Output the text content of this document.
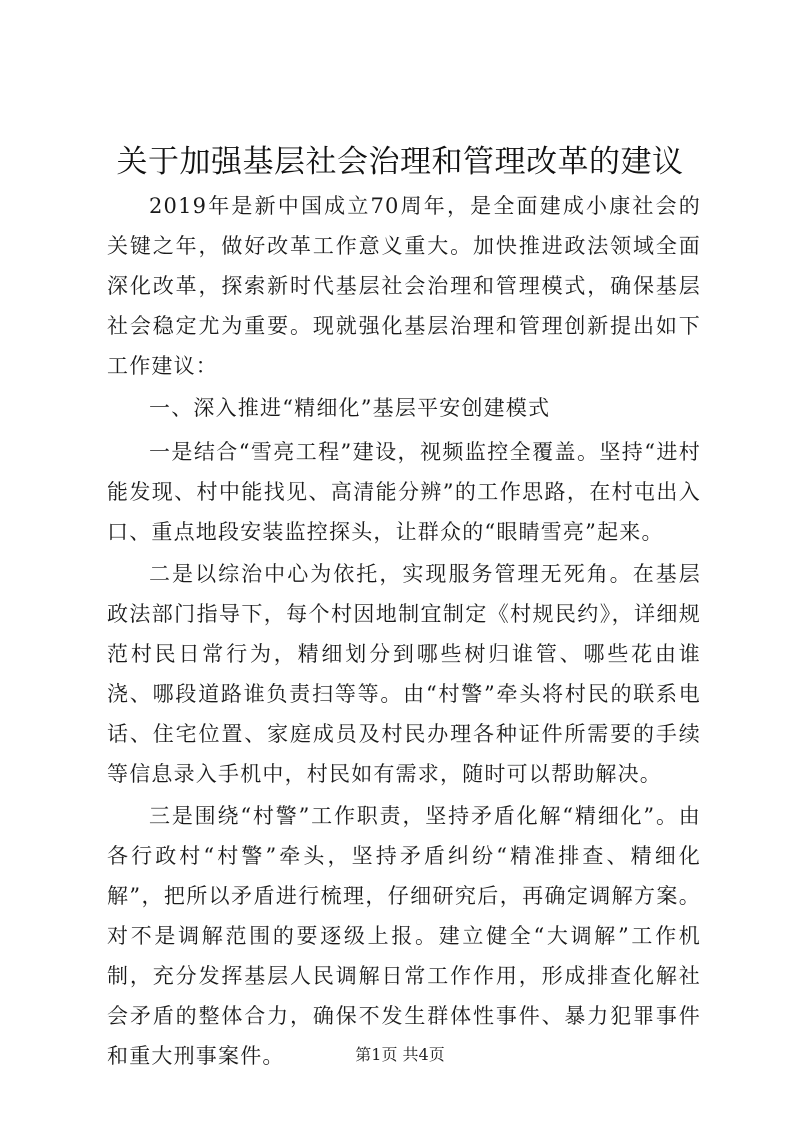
关于加强基层社会治理和管理改革的建议

2019年是新中国成立70周年，是全面建成小康社会的关键之年，做好改革工作意义重大。加快推进政法领域全面深化改革，探索新时代基层社会治理和管理模式，确保基层社会稳定尤为重要。现就强化基层治理和管理创新提出如下工作建议：

一、深入推进“精细化”基层平安创建模式

一是结合“雪亮工程”建设，视频监控全覆盖。坚持“进村能发现、村中能找见、高清能分辨”的工作思路，在村屯出入口、重点地段安装监控探头，让群众的“眼睛雪亮”起来。

二是以综治中心为依托，实现服务管理无死角。在基层政法部门指导下，每个村因地制宜制定《村规民约》，详细规范村民日常行为，精细划分到哪些树归谁管、哪些花由谁浇、哪段道路谁负责扫等等。由“村警”牵头将村民的联系电话、住宅位置、家庭成员及村民办理各种证件所需要的手续等信息录入手机中，村民如有需求，随时可以帮助解决。

三是围绕“村警”工作职责，坚持矛盾化解“精细化”。由各行政村“村警”牵头，坚持矛盾纠纷“精准排查、精细化解”，把所以矛盾进行梳理，仔细研究后，再确定调解方案。对不是调解范围的要逐级上报。建立健全“大调解”工作机制，充分发挥基层人民调解日常工作作用，形成排查化解社会矛盾的整体合力，确保不发生群体性事件、暴力犯罪事件和重大刑事案件。	第1页 共4页
